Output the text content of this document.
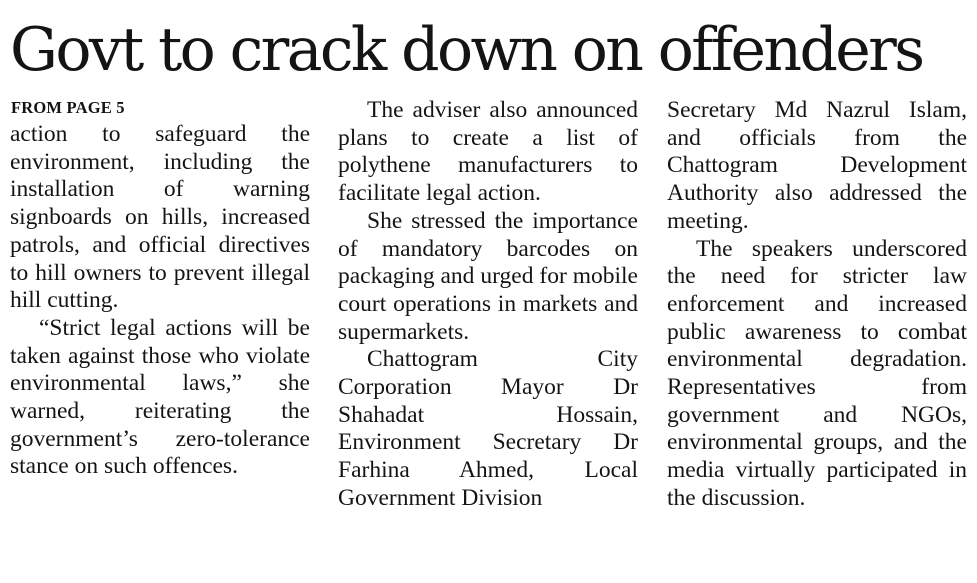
Govt to crack down on offenders
FROM PAGE 5

action to safeguard the environment, including the installation of warning signboards on hills, increased patrols, and official directives to hill owners to prevent illegal hill cutting.

“Strict legal actions will be taken against those who violate environmental laws,” she warned, reiterating the government’s zero-tolerance stance on such offences.

The adviser also announced plans to create a list of polythene manufacturers to facilitate legal action.

She stressed the importance of mandatory barcodes on packaging and urged for mobile court operations in markets and supermarkets.

Chattogram City Corporation Mayor Dr Shahadat Hossain, Environment Secretary Dr Farhina Ahmed, Local Government Division

Secretary Md Nazrul Islam, and officials from the Chattogram Development Authority also addressed the meeting.

The speakers underscored the need for stricter law enforcement and increased public awareness to combat environmental degradation. Representatives from government and NGOs, environmental groups, and the media virtually participated in the discussion.
